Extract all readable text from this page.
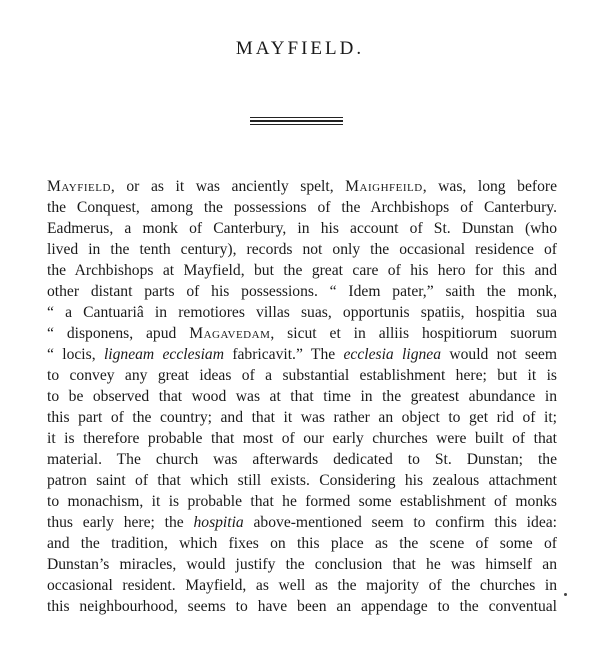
MAYFIELD.
Mayfield, or as it was anciently spelt, Maighfeild, was, long before
the Conquest, among the possessions of the Archbishops of Canterbury.
Eadmerus, a monk of Canterbury, in his account of St. Dunstan (who
lived in the tenth century), records not only the occasional residence of
the Archbishops at Mayfield, but the great care of his hero for this and
other distant parts of his possessions. “ Idem pater,” saith the monk,
“ a Cantuariâ in remotiores villas suas, opportunis spatiis, hospitia sua
“ disponens, apud Magavedam, sicut et in alliis hospitiorum suorum
“ locis, ligneam ecclesiam fabricavit.” The ecclesia lignea would not seem
to convey any great ideas of a substantial establishment here; but it is
to be observed that wood was at that time in the greatest abundance in
this part of the country; and that it was rather an object to get rid of it;
it is therefore probable that most of our early churches were built of that
material. The church was afterwards dedicated to St. Dunstan; the
patron saint of that which still exists. Considering his zealous attachment
to monachism, it is probable that he formed some establishment of monks
thus early here; the hospitia above-mentioned seem to confirm this idea:
and the tradition, which fixes on this place as the scene of some of
Dunstan’s miracles, would justify the conclusion that he was himself an
occasional resident. Mayfield, as well as the majority of the churches in
this neighbourhood, seems to have been an appendage to the conventual
